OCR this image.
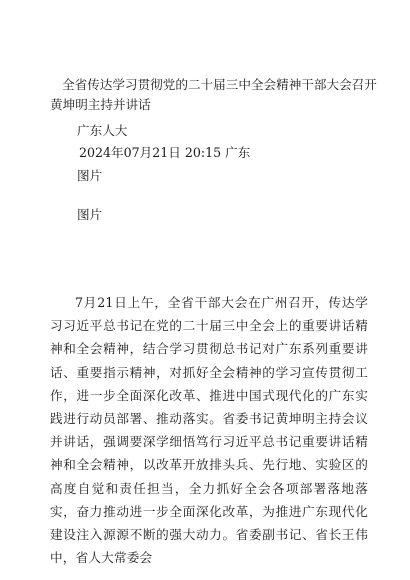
全省传达学习贯彻党的二十届三中全会精神干部大会召开 黄坤明主持并讲话
广东人大
2024年07月21日 20:15 广东
图片
图片

7月21日上午，全省干部大会在广州召开，传达学习习近平总书记在党的二十届三中全会上的重要讲话精神和全会精神，结合学习贯彻总书记对广东系列重要讲话、重要指示精神，对抓好全会精神的学习宣传贯彻工作，进一步全面深化改革、推进中国式现代化的广东实践进行动员部署、推动落实。省委书记黄坤明主持会议并讲话，强调要深学细悟笃行习近平总书记重要讲话精神和全会精神，以改革开放排头兵、先行地、实验区的高度自觉和责任担当，全力抓好全会各项部署落地落实，奋力推动进一步全面深化改革，为推进广东现代化建设注入源源不断的强大动力。省委副书记、省长王伟中，省人大常委会
